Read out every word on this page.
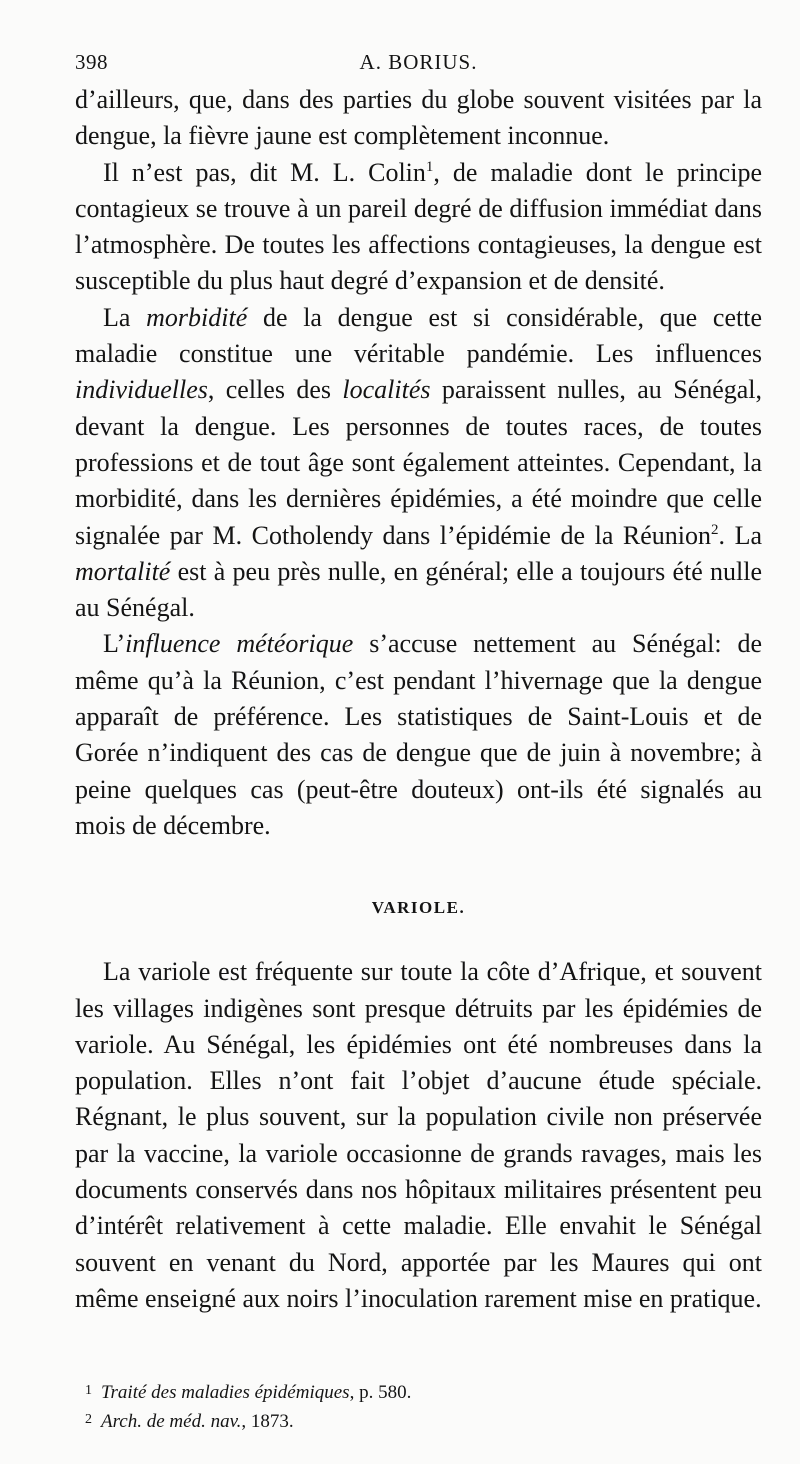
398	A. BORIUS.

d’ailleurs, que, dans des parties du globe souvent visitées par la dengue, la fièvre jaune est complètement inconnue.

Il n’est pas, dit M. L. Colin$^1$, de maladie dont le principe contagieux se trouve à un pareil degré de diffusion immédiat dans l’atmosphère. De toutes les affections contagieuses, la dengue est susceptible du plus haut degré d’expansion et de densité.

La morbidité de la dengue est si considérable, que cette maladie constitue une véritable pandémie. Les influences individuelles, celles des localités paraissent nulles, au Sénégal, devant la dengue. Les personnes de toutes races, de toutes professions et de tout âge sont également atteintes. Cependant, la morbidité, dans les dernières épidémies, a été moindre que celle signalée par M. Cotholendy dans l’épidémie de la Réunion$^2$. La mortalité est à peu près nulle, en général; elle a toujours été nulle au Sénégal.

L’influence météorique s’accuse nettement au Sénégal: de même qu’à la Réunion, c’est pendant l’hivernage que la dengue apparaît de préférence. Les statistiques de Saint-Louis et de Gorée n’indiquent des cas de dengue que de juin à novembre; à peine quelques cas (peut-être douteux) ont-ils été signalés au mois de décembre.

VARIOLE.

La variole est fréquente sur toute la côte d’Afrique, et souvent les villages indigènes sont presque détruits par les épidémies de variole. Au Sénégal, les épidémies ont été nombreuses dans la population. Elles n’ont fait l’objet d’aucune étude spéciale. Régnant, le plus souvent, sur la population civile non préservée par la vaccine, la variole occasionne de grands ravages, mais les documents conservés dans nos hôpitaux militaires présentent peu d’intérêt relativement à cette maladie. Elle envahit le Sénégal souvent en venant du Nord, apportée par les Maures qui ont même enseigné aux noirs l’inoculation rarement mise en pratique.

1 Traité des maladies épidémiques, p. 580.

2 Arch. de méd. nav., 1873.
